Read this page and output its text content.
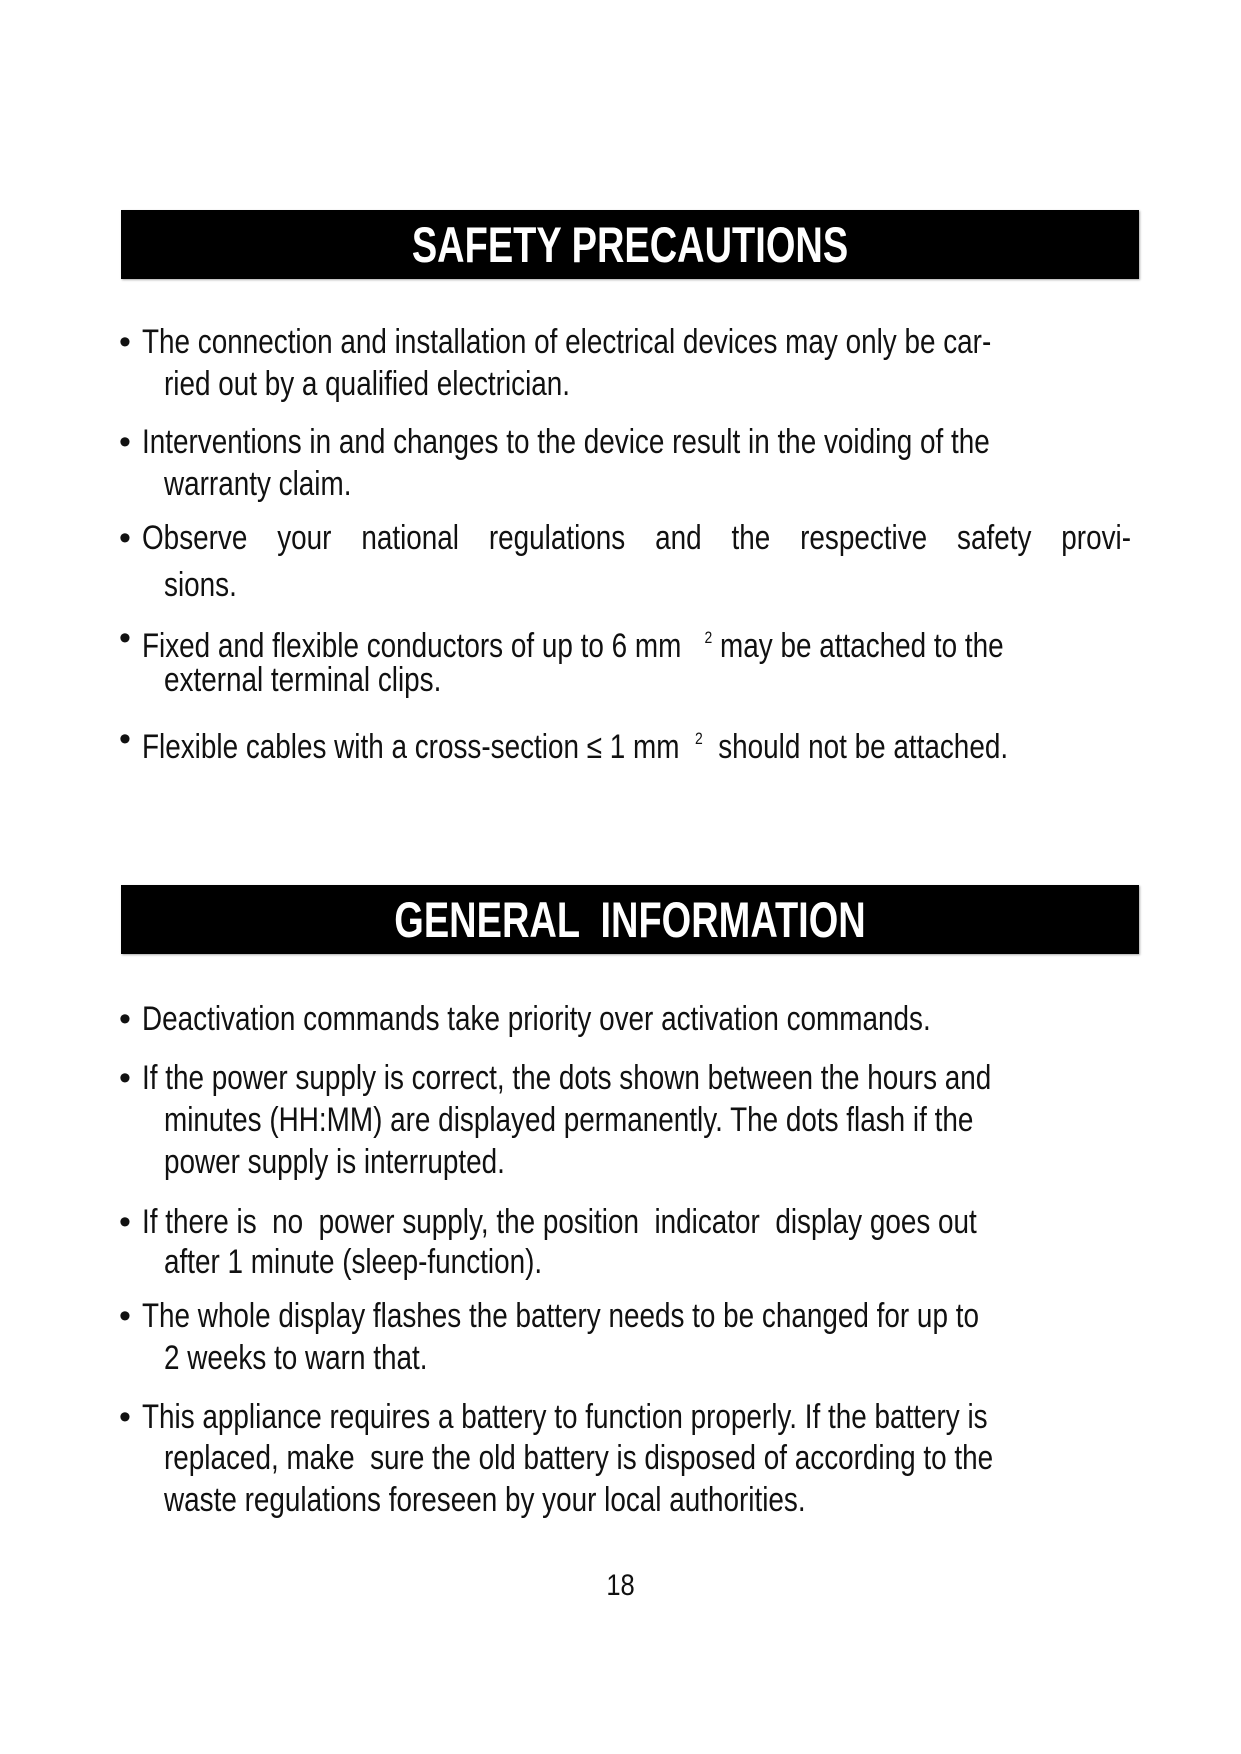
SAFETY PRECAUTIONS
GENERAL  INFORMATION
• The connection and installation of electrical devices may only be car-
ried out by a qualified electrician.
• Interventions in and changes to the device result in the voiding of the
warranty claim.
• Observe your national regulations and the respective safety provi-
sions.
• Fixed and flexible conductors of up to 6 mm   $^2$ may be attached to the
external terminal clips.
• Flexible cables with a cross-section ≤ 1 mm  $^2$  should not be attached.
• Deactivation commands take priority over activation commands.
• If the power supply is correct, the dots shown between the hours and
minutes (HH:MM) are displayed permanently. The dots flash if the
power supply is interrupted.
• If there is  no  power supply, the position  indicator  display goes out
after 1 minute (sleep-function).
• The whole display flashes the battery needs to be changed for up to
2 weeks to warn that.
• This appliance requires a battery to function properly. If the battery is
replaced, make  sure the old battery is disposed of according to the
waste regulations foreseen by your local authorities.
18
